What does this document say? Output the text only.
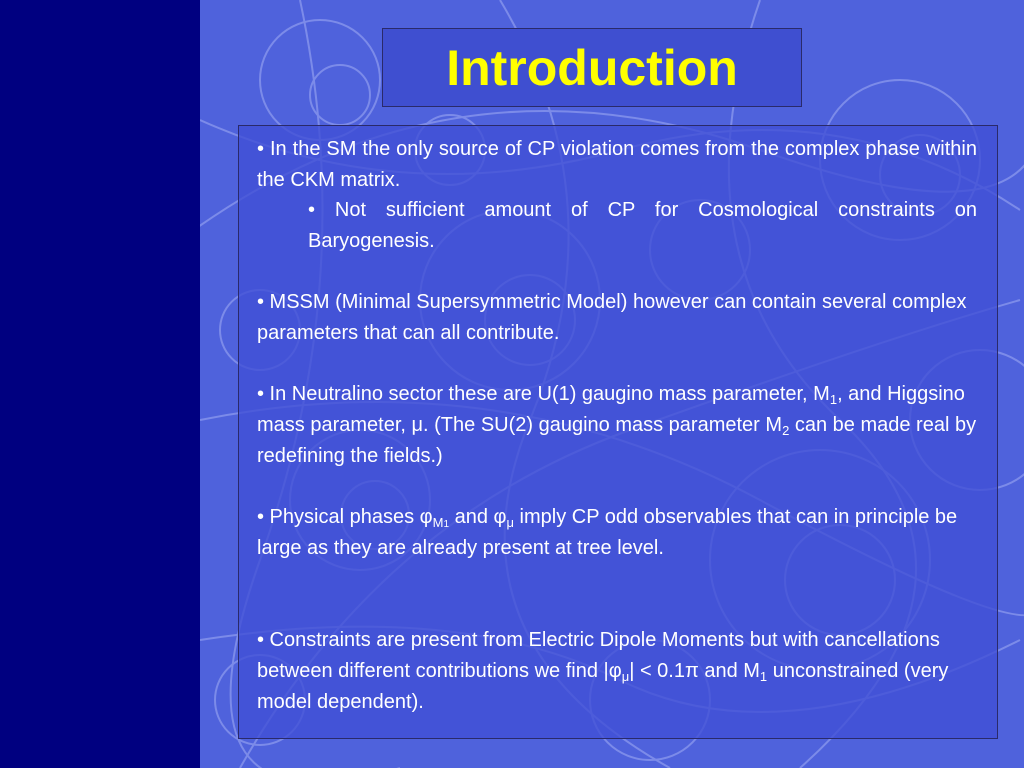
Introduction

• In the SM the only source of CP violation comes from the complex phase within the CKM matrix.

• Not sufficient amount of CP for Cosmological constraints on Baryogenesis.

• MSSM (Minimal Supersymmetric Model) however can contain several complex parameters that can all contribute.

• In Neutralino sector these are U(1) gaugino mass parameter, $M_1$, and Higgsino mass parameter, μ. (The SU(2) gaugino mass parameter $M_2$ can be made real by redefining the fields.)

• Physical phases $\varphi_{M1}$ and $\varphi_\mu$ imply CP odd observables that can in principle be large as they are already present at tree level.

• Constraints are present from Electric Dipole Moments but with cancellations between different contributions we find $|\varphi_\mu| < 0.1\pi$ and $M_1$ unconstrained (very model dependent).
